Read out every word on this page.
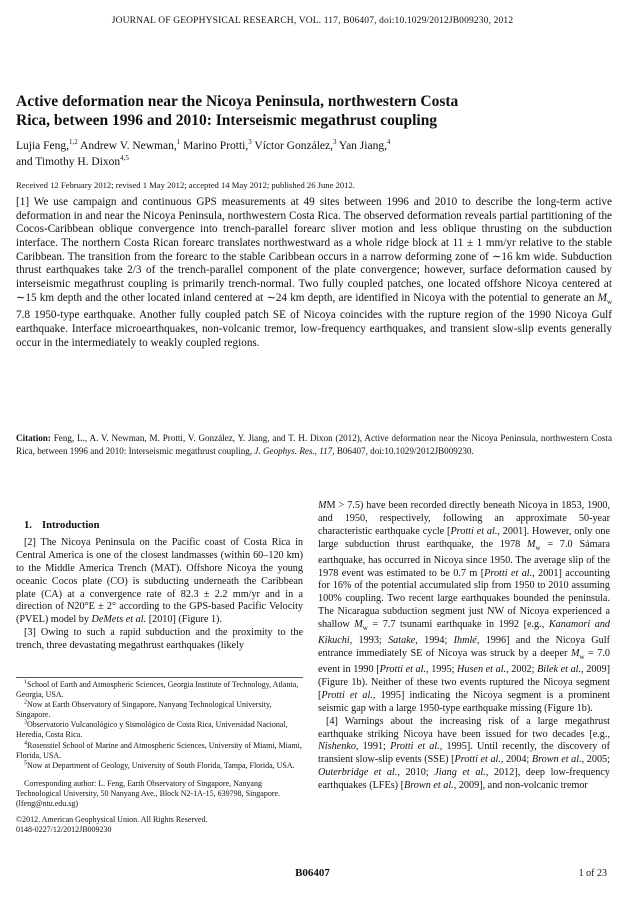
JOURNAL OF GEOPHYSICAL RESEARCH, VOL. 117, B06407, doi:10.1029/2012JB009230, 2012
Active deformation near the Nicoya Peninsula, northwestern Costa Rica, between 1996 and 2010: Interseismic megathrust coupling
Lujia Feng,$^{1,2}$ Andrew V. Newman,$^1$ Marino Protti,$^3$ Víctor González,$^3$ Yan Jiang,$^4$
and Timothy H. Dixon$^{4,5}$
Received 12 February 2012; revised 1 May 2012; accepted 14 May 2012; published 26 June 2012.
[1] We use campaign and continuous GPS measurements at 49 sites between 1996 and 2010 to describe the long-term active deformation in and near the Nicoya Peninsula, northwestern Costa Rica. The observed deformation reveals partial partitioning of the Cocos-Caribbean oblique convergence into trench-parallel forearc sliver motion and less oblique thrusting on the subduction interface. The northern Costa Rican forearc translates northwestward as a whole ridge block at 11 ± 1 mm/yr relative to the stable Caribbean. The transition from the forearc to the stable Caribbean occurs in a narrow deforming zone of ∼16 km wide. Subduction thrust earthquakes take 2/3 of the trench-parallel component of the plate convergence; however, surface deformation caused by interseismic megathrust coupling is primarily trench-normal. Two fully coupled patches, one located offshore Nicoya centered at ∼15 km depth and the other located inland centered at ∼24 km depth, are identified in Nicoya with the potential to generate an $M_w$ 7.8 1950-type earthquake. Another fully coupled patch SE of Nicoya coincides with the rupture region of the 1990 Nicoya Gulf earthquake. Interface microearthquakes, non-volcanic tremor, low-frequency earthquakes, and transient slow-slip events generally occur in the intermediately to weakly coupled regions.
Citation: Feng, L., A. V. Newman, M. Protti, V. González, Y. Jiang, and T. H. Dixon (2012), Active deformation near the Nicoya Peninsula, northwestern Costa Rica, between 1996 and 2010: Interseismic megathrust coupling, J. Geophys. Res., 117, B06407, doi:10.1029/2012JB009230.
1. Introduction

[2] The Nicoya Peninsula on the Pacific coast of Costa Rica in Central America is one of the closest landmasses (within 60–120 km) to the Middle America Trench (MAT). Offshore Nicoya the young oceanic Cocos plate (CO) is subducting underneath the Caribbean plate (CA) at a convergence rate of 82.3 ± 2.2 mm/yr and in a direction of N20°E ± 2° according to the GPS-based Pacific Velocity (PVEL) model by DeMets et al. [2010] (Figure 1).

[3] Owing to such a rapid subduction and the proximity to the trench, three devastating megathrust earthquakes (likely

$^1$School of Earth and Atmospheric Sciences, Georgia Institute of Technology, Atlanta, Georgia, USA.

$^2$Now at Earth Observatory of Singapore, Nanyang Technological University, Singapore.

$^3$Observatorio Vulcanológico y Sismológico de Costa Rica, Universidad Nacional, Heredia, Costa Rica.

$^4$Rosenstiel School of Marine and Atmospheric Sciences, University of Miami, Miami, Florida, USA.

$^5$Now at Department of Geology, University of South Florida, Tampa, Florida, USA.

Corresponding author: L. Feng, Earth Observatory of Singapore, Nanyang Technological University, 50 Nanyang Ave., Block N2-1A-15, 639798, Singapore. (lfeng@ntu.edu.sg)

©2012. American Geophysical Union. All Rights Reserved.

0148-0227/12/2012JB009230

MM > 7.5) have been recorded directly beneath Nicoya in 1853, 1900, and 1950, respectively, following an approximate 50-year characteristic earthquake cycle [Protti et al., 2001]. However, only one large subduction thrust earthquake, the 1978 $M_w = 7.0$ Sámara earthquake, has occurred in Nicoya since 1950. The average slip of the 1978 event was estimated to be 0.7 m [Protti et al., 2001] accounting for 16% of the potential accumulated slip from 1950 to 2010 assuming 100% coupling. Two recent large earthquakes bounded the peninsula. The Nicaragua subduction segment just NW of Nicoya experienced a shallow $M_w = 7.7$ tsunami earthquake in 1992 [e.g., Kanamori and Kikuchi, 1993; Satake, 1994; Ihmlé, 1996] and the Nicoya Gulf entrance immediately SE of Nicoya was struck by a deeper $M_w = 7.0$ event in 1990 [Protti et al., 1995; Husen et al., 2002; Bilek et al., 2009] (Figure 1b). Neither of these two events ruptured the Nicoya segment [Protti et al., 1995] indicating the Nicoya segment is a prominent seismic gap with a large 1950-type earthquake missing (Figure 1b).

[4] Warnings about the increasing risk of a large megathrust earthquake striking Nicoya have been issued for two decades [e.g., Nishenko, 1991; Protti et al., 1995]. Until recently, the discovery of transient slow-slip events (SSE) [Protti et al., 2004; Brown et al., 2005; Outerbridge et al., 2010; Jiang et al., 2012], deep low-frequency earthquakes (LFEs) [Brown et al., 2009], and non-volcanic tremor

B06407	1 of 23
